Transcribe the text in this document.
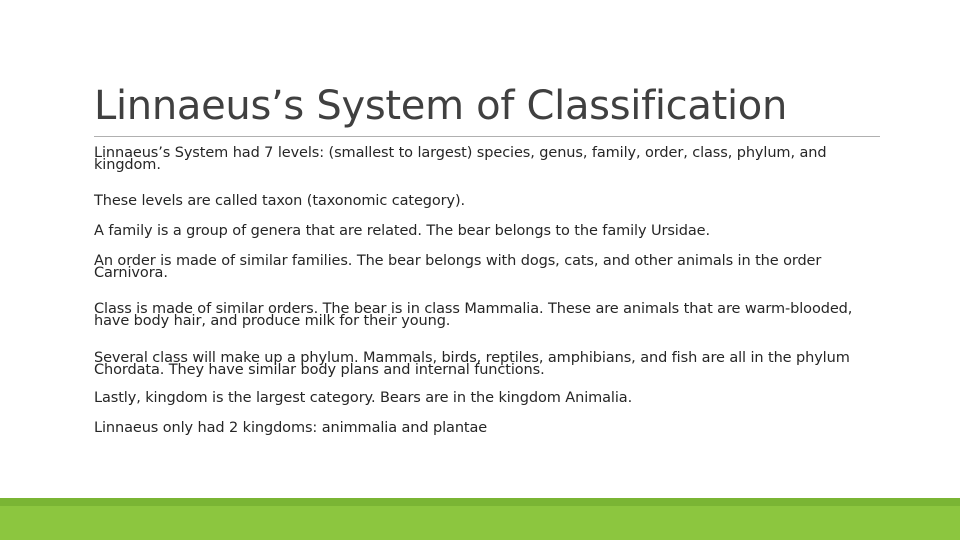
Linnaeus’s System of Classification
Linnaeus’s System had 7 levels: (smallest to largest) species, genus, family, order, class, phylum, and kingdom.
These levels are called taxon (taxonomic category).
A family is a group of genera that are related. The bear belongs to the family Ursidae.
An order is made of similar families. The bear belongs with dogs, cats, and other animals in the order Carnivora.
Class is made of similar orders. The bear is in class Mammalia. These are animals that are warm-blooded, have body hair, and produce milk for their young.
Several class will make up a phylum. Mammals, birds, reptiles, amphibians, and fish are all in the phylum Chordata. They have similar body plans and internal functions.
Lastly, kingdom is the largest category. Bears are in the kingdom Animalia.
Linnaeus only had 2 kingdoms: animmalia and plantae
